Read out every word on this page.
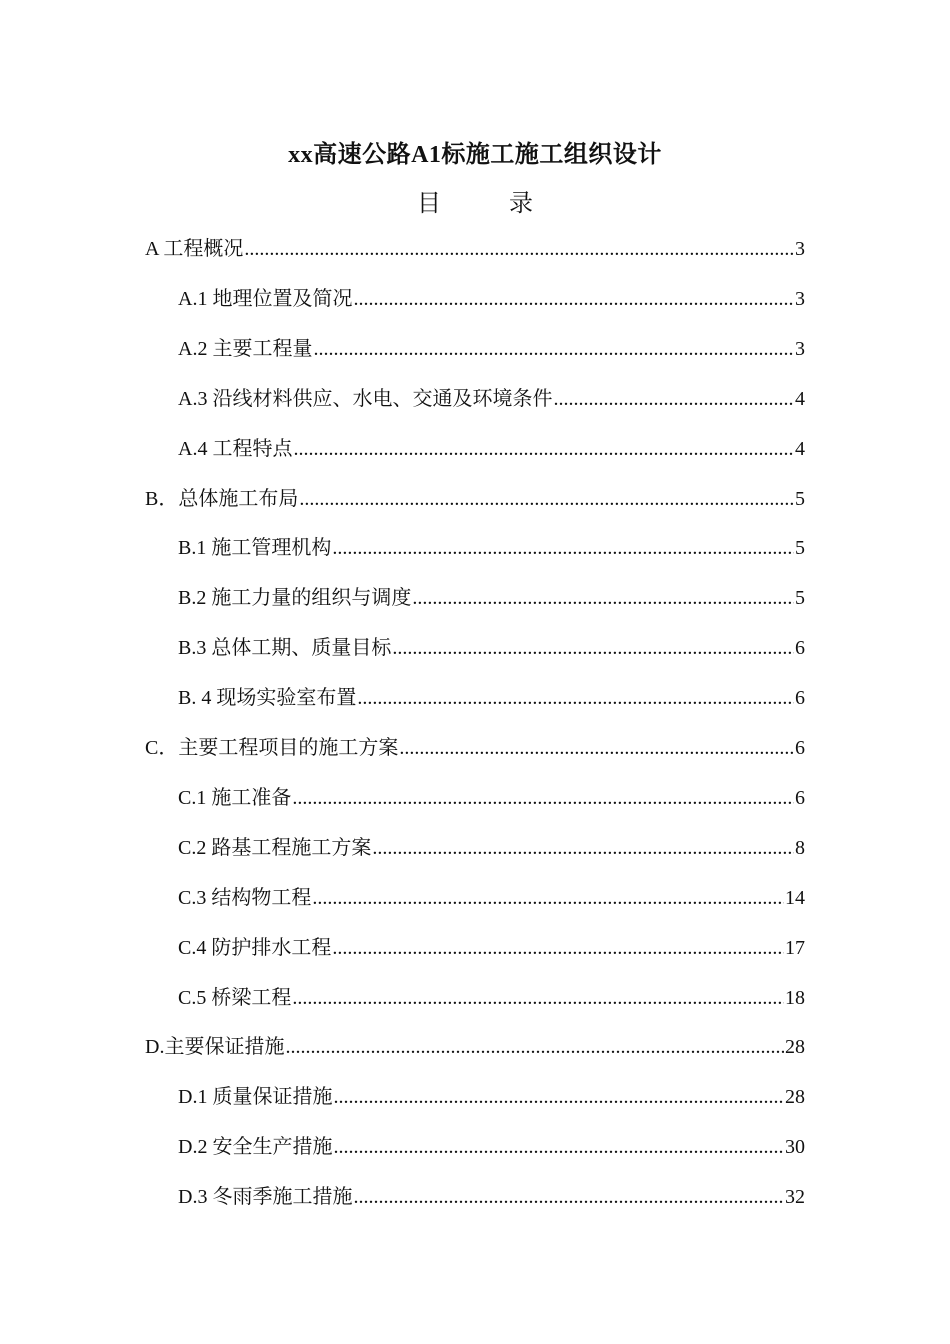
xx高速公路A1标施工施工组织设计
目	录
A 工程概况 .....	3
A.1 地理位置及简况 .....	3
A.2 主要工程量 .....	3
A.3 沿线材料供应、水电、交通及环境条件 .....	4
A.4 工程特点 .....	4
B．总体施工布局 .....	5
B.1 施工管理机构 .....	5
B.2 施工力量的组织与调度 .....	5
B.3 总体工期、质量目标 .....	6
B. 4 现场实验室布置 .....	6
C．主要工程项目的施工方案 .....	6
C.1 施工准备 .....	6
C.2 路基工程施工方案 .....	8
C.3 结构物工程 .....	14
C.4 防护排水工程 .....	17
C.5 桥梁工程 .....	18
D.主要保证措施 .....	28
D.1 质量保证措施 .....	28
D.2 安全生产措施 .....	30
D.3 冬雨季施工措施 .....	32
